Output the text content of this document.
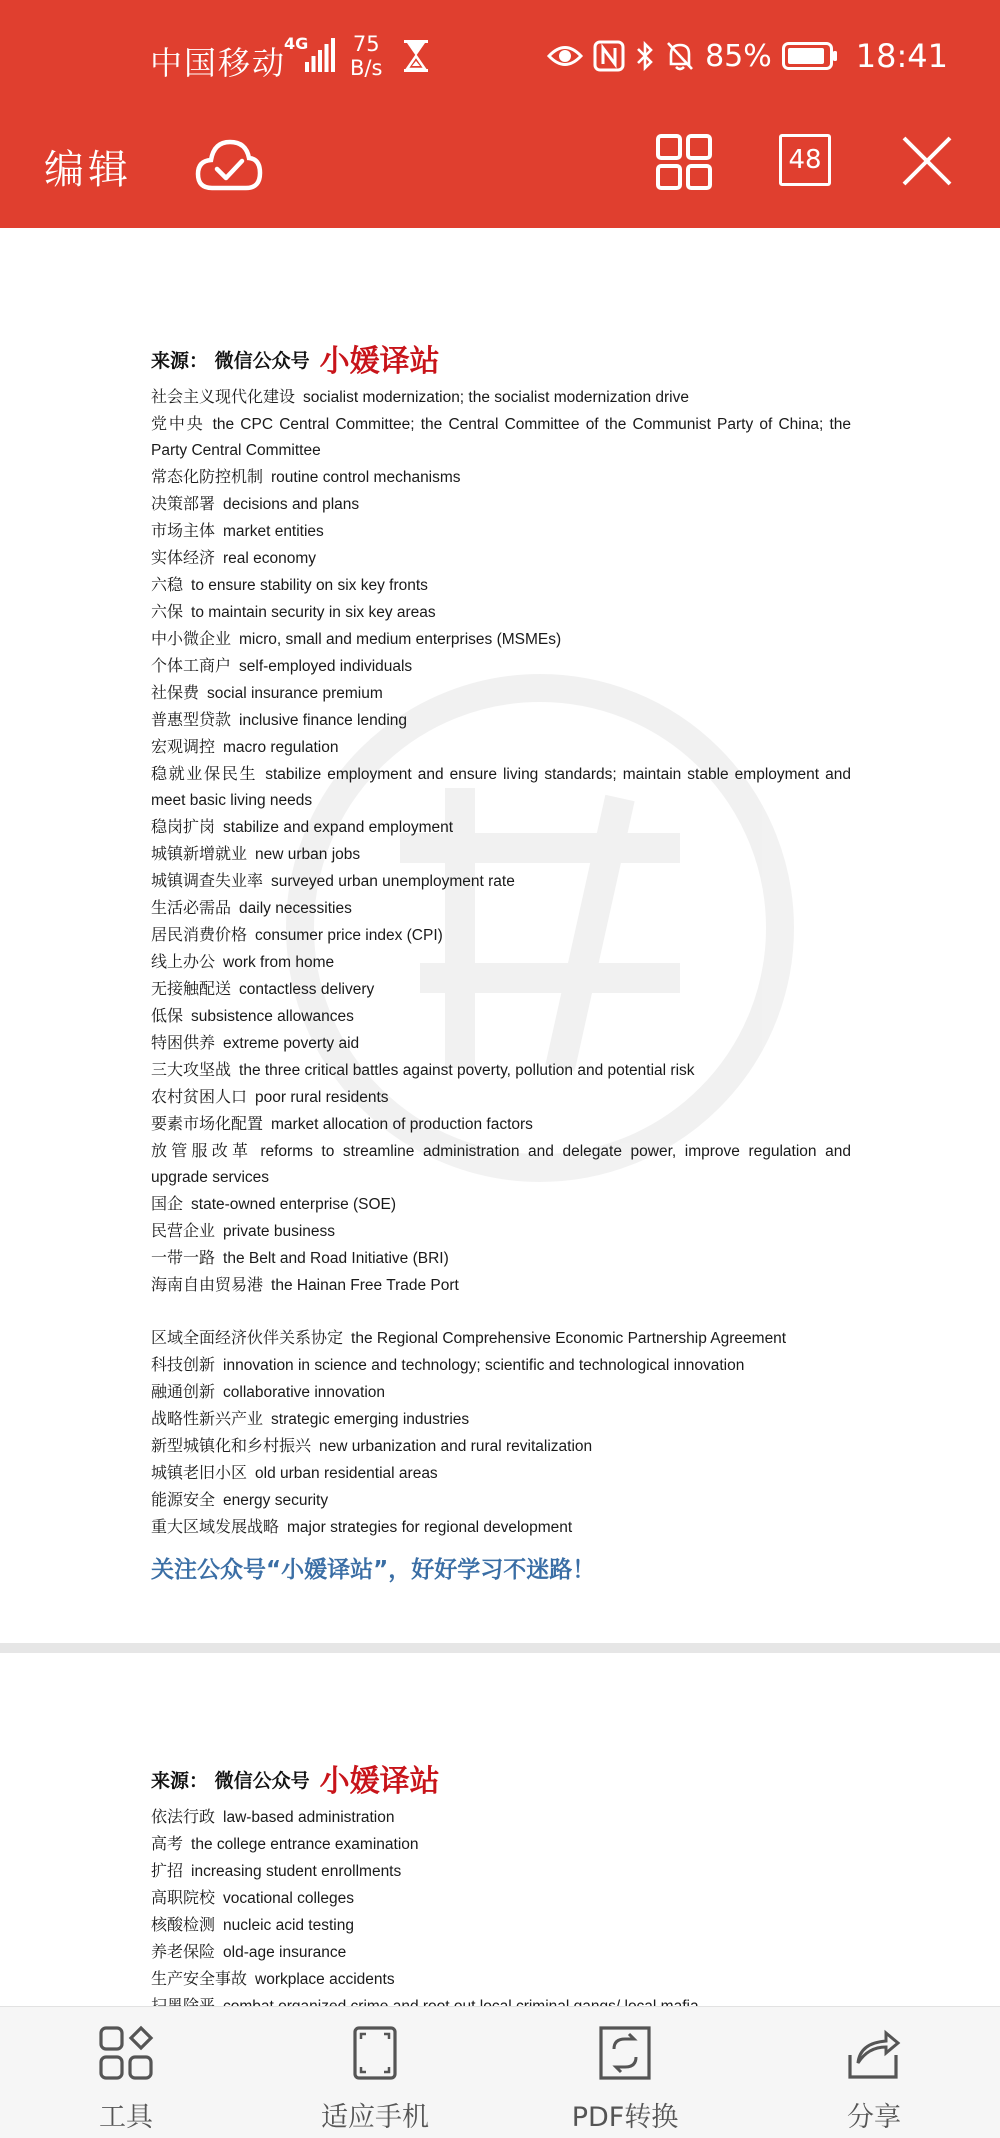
中国移动
4G 75
B/s	85%	18:41
编辑	48
来源： 微信公众号 小媛译站
社会主义现代化建设 socialist modernization; the socialist modernization drive
党中央 the CPC Central Committee; the Central Committee of the Communist Party of China; the Party Central Committee
常态化防控机制 routine control mechanisms
决策部署 decisions and plans
市场主体 market entities
实体经济 real economy
六稳 to ensure stability on six key fronts
六保 to maintain security in six key areas
中小微企业 micro, small and medium enterprises (MSMEs)
个体工商户 self-employed individuals
社保费 social insurance premium
普惠型贷款 inclusive finance lending
宏观调控 macro regulation
稳就业保民生 stabilize employment and ensure living standards; maintain stable employment and meet basic living needs
稳岗扩岗 stabilize and expand employment
城镇新增就业 new urban jobs
城镇调查失业率 surveyed urban unemployment rate
生活必需品 daily necessities
居民消费价格 consumer price index (CPI)
线上办公 work from home
无接触配送 contactless delivery
低保 subsistence allowances
特困供养 extreme poverty aid
三大攻坚战 the three critical battles against poverty, pollution and potential risk
农村贫困人口 poor rural residents
要素市场化配置 market allocation of production factors
放管服改革 reforms to streamline administration and delegate power, improve regulation and upgrade services
国企 state-owned enterprise (SOE)
民营企业 private business
一带一路 the Belt and Road Initiative (BRI)
海南自由贸易港 the Hainan Free Trade Port
区域全面经济伙伴关系协定 the Regional Comprehensive Economic Partnership Agreement
科技创新 innovation in science and technology; scientific and technological innovation
融通创新 collaborative innovation
战略性新兴产业 strategic emerging industries
新型城镇化和乡村振兴 new urbanization and rural revitalization
城镇老旧小区 old urban residential areas
能源安全 energy security
重大区域发展战略 major strategies for regional development
关注公众号“小媛译站”，好好学习不迷路！
来源： 微信公众号 小媛译站
依法行政 law-based administration
高考 the college entrance examination
扩招 increasing student enrollments
高职院校 vocational colleges
核酸检测 nucleic acid testing
养老保险 old-age insurance
生产安全事故 workplace accidents
工具	适应手机	PDF转换	分享
